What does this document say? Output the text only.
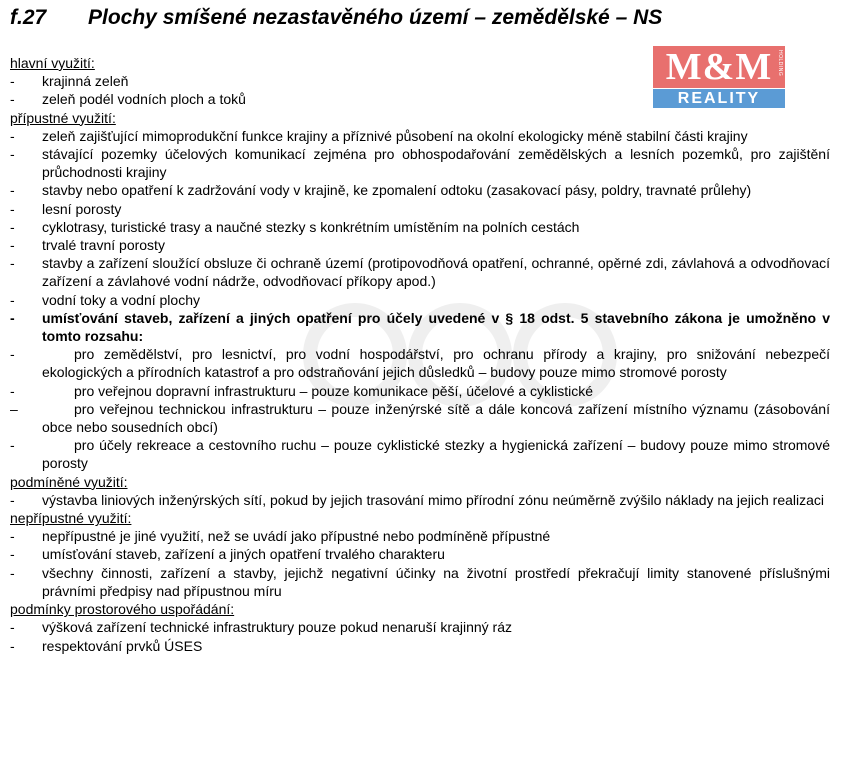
f.27 Plochy smíšené nezastavěného území – zemědělské – NS
M&M HOLDING
REALITY
hlavní využití:
- krajinná zeleň
- zeleň podél vodních ploch a toků
přípustné využití:
- zeleň zajišťující mimoprodukční funkce krajiny a příznivé působení na okolní ekologicky méně stabilní části krajiny
- stávající pozemky účelových komunikací zejména pro obhospodařování zemědělských a lesních pozemků, pro zajištění průchodnosti krajiny
- stavby nebo opatření k zadržování vody v krajině, ke zpomalení odtoku (zasakovací pásy, poldry, travnaté průlehy)
- lesní porosty
- cyklotrasy, turistické trasy a naučné stezky s konkrétním umístěním na polních cestách
- trvalé travní porosty
- stavby a zařízení sloužící obsluze či ochraně území (protipovodňová opatření, ochranné, opěrné zdi, závlahová a odvodňovací zařízení a závlahové vodní nádrže, odvodňovací příkopy apod.)
- vodní toky a vodní plochy
- umísťování staveb, zařízení a jiných opatření pro účely uvedené v § 18 odst. 5 stavebního zákona je umožněno v tomto rozsahu:
-	pro zemědělství, pro lesnictví, pro vodní hospodářství, pro ochranu přírody a krajiny, pro snižování nebezpečí ekologických a přírodních katastrof a pro odstraňování jejich důsledků – budovy pouze mimo stromové porosty
-	pro veřejnou dopravní infrastrukturu – pouze komunikace pěší, účelové a cyklistické
–	pro veřejnou technickou infrastrukturu – pouze inženýrské sítě a dále koncová zařízení místního významu (zásobování obce nebo sousedních obcí)
-	pro účely rekreace a cestovního ruchu – pouze cyklistické stezky a hygienická zařízení – budovy pouze mimo stromové porosty
podmíněné využití:
- výstavba liniových inženýrských sítí, pokud by jejich trasování mimo přírodní zónu neúměrně zvýšilo náklady na jejich realizaci
nepřípustné využití:
- nepřípustné je jiné využití, než se uvádí jako přípustné nebo podmíněně přípustné
- umísťování staveb, zařízení a jiných opatření trvalého charakteru
- všechny činnosti, zařízení a stavby, jejichž negativní účinky na životní prostředí překračují limity stanovené příslušnými právními předpisy nad přípustnou míru
podmínky prostorového uspořádání:
- výšková zařízení technické infrastruktury pouze pokud nenaruší krajinný ráz
- respektování prvků ÚSES
